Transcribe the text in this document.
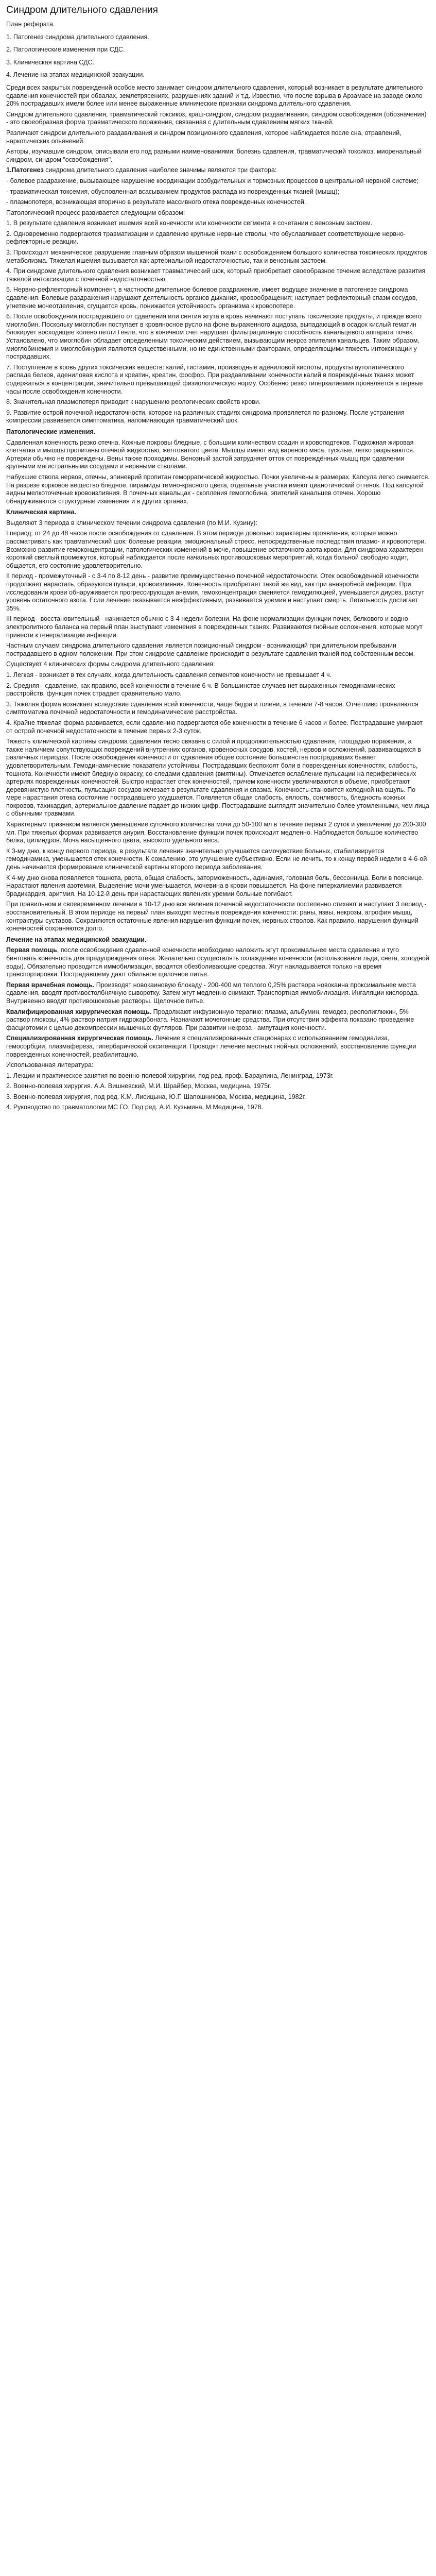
Синдром длительного сдавления

План реферата.

1. Патогенез синдрома длительного сдавления.

2. Патологические изменения при СДС.

3. Клиническая картина СДС.

4. Лечение на этапах медицинской эвакуации.

Среди всех закрытых повреждений особое место занимает синдром длительного сдавления, который возникает в результате длительного сдавления конечностей при обвалах, землетрясениях, разрушениях зданий и т.д. Известно, что после взрыва в Арзамасе на заводе около 20% пострадавших имели более или менее выраженные клинические признаки синдрома длительного сдавления.

Синдром длительного сдавления, травматический токсикоз, краш-синдром, синдром раздавливания, синдром освобождения (обозначения) - это своеобразная форма травматического поражения, связанная с длительным сдавлением мягких тканей.

Различают синдром длительного раздавливания и синдром позиционного сдавления, которое наблюдается после сна, отравлений, наркотических опьянений.

Авторы, изучавшие синдром, описывали его под разными наименованиями: болезнь сдавления, травматический токсикоз, миоренальный синдром, синдром "освобождения".

1.Патогенез синдрома длительного сдавления наиболее значимы являются три фактора:

- болевое раздражение, вызывающее нарушение координации возбудительных и тормозных процессов в центральной нервной системе;

- травматическая токсемия, обусловленная всасыванием продуктов распада из поврежденных тканей (мышц);

- плазмопотеря, возникающая вторично в результате массивного отека поврежденных конечностей.

Патологический процесс развивается следующим образом:

1. В результате сдавления возникает ишемия всей конечности или конечности сегмента в сочетании с венозным застоем.

2. Одновременно подвергаются травматизации и сдавлению крупные нервные стволы, что обуславливает соответствующие нервно-рефлекторные реакции.

3. Происходит механическое разрушение главным образом мышечной ткани с освобождением большого количества токсических продуктов метаболизма. Тяжелая ишемия вызывается как артериальной недостаточностью, так и венозным застоем.

4. При синдроме длительного сдавления возникает травматический шок, который приобретает своеобразное течение вследствие развития тяжелой интоксикации с почечной недостаточностью.

5. Нервно-рефлекторный компонент, в частности длительное болевое раздражение, имеет ведущее значение в патогенезе синдрома сдавления. Болевые раздражения нарушают деятельность органов дыхания, кровообращения; наступает рефлекторный спазм сосудов, угнетение мочеотделения, сгущается кровь, понижается устойчивость организма к кровопотере.

6. После освобождения пострадавшего от сдавления или снятия жгута в кровь начинают поступать токсические продукты, и прежде всего миоглобин. Поскольку миоглобин поступает в кровяносное русло на фоне выраженного ацидоза, выпадающий в осадок кислый гематин блокирует восходящее колено петли Генле, что в конечном счет нарушает фильтрационную способность канальцевого аппарата почек. Установлено, что миоглобин обладает определенным токсическим действием, вызывающим некроз эпителия канальцев. Таким образом, миоглобинемия и миоглобинурия являются существенными, но не единственными факторами, определяющими тяжесть интоксикации у пострадавших.

7. Поступление в кровь других токсических веществ: калий, гистамин, производные адениловой кислоты, продукты аутолитического распада белков, адениловая кислота и креатин, креатин, фосфор. При раздавливании конечности калий в повреждённых тканях может содержаться в концентрации, значительно превышающей физиологическую норму. Особенно резко гиперкалиемия проявляется в первые часы после освобождения конечности.

8. Значительная плазмопотеря приводит к нарушению реологических свойств крови.

9. Развитие острой почечной недостаточности, которое на различных стадиях синдрома проявляется по-разному. После устранения компрессии развивается симптоматика, напоминающая травматический шок.

Патологические изменения.

Сдавленная конечность резко отечна. Кожные покровы бледные, с большим количеством ссадин и кровоподтеков. Подкожная жировая клетчатка и мышцы пропитаны отечной жидкостью, желтоватого цвета. Мышцы имеют вид вареного мяса, тусклые, легко разрываются. Артерии обычно не повреждены. Вены также проходимы. Венозный застой затрудняет отток от повреждённых мышц при сдавлении крупными магистральными сосудами и нервными стволами.

Набухшие ствола нервов, отечны, эпиневрий пропитан геморрагической жидкостью. Почки увеличены в размерах. Капсула легко снимается. На разрезе корковое вещество бледное, пирамиды темно-красного цвета, отдельные участки имеют цианотический оттенок. Под капсулой видны мелкоточечные кровоизлияния. В почечных канальцах - скопления гемоглобина, эпителий канальцев отечен. Хорошо обнаруживаются структурные изменения и в других органах.

Клиническая картина.

Выделяют 3 периода в клиническом течении синдрома сдавления (по М.И. Кузину):

I период: от 24 до 48 часов после освобождения от сдавления. В этом периоде довольно характерны проявления, которые можно рассматривать как травматический шок: болевые реакции, эмоциональный стресс, непосредственные последствия плазмо- и кровопотери. Возможно развитие гемоконцентрации, патологических изменений в моче, повышение остаточного азота крови. Для синдрома характерен короткий светлый промежуток, который наблюдается после начальных противошоковых мероприятий, когда больной свободно ходит, общается, его состояние удовлетворительно.

II период - промежуточный - с 3-4 по 8-12 день - развитие преимущественно почечной недостаточности. Отек освобожденной конечности продолжает нарастать, образуются пузыри, кровоизлияния. Конечность приобретает такой же вид, как при анаэробной инфекции. При исследовании крови обнаруживается прогрессирующая анемия, гемоконцентрация сменяется гемодилюцией, уменьшается диурез, растут уровень остаточного азота. Если лечение оказывается неэффективным, развивается уремия и наступает смерть. Летальность достигает 35%.

III период - восстановительный - начинается обычно с 3-4 недели болезни. На фоне нормализации функции почек, белкового и водно-электролитного баланса на первый план выступают изменения в поврежденных тканях. Развиваются гнойные осложнения, которые могут привести к генерализации инфекции.

Частным случаем синдрома длительного сдавления является позиционный синдром - возникающий при длительном пребывании пострадавшего в одном положении. При этом синдроме сдавление происходит в результате сдавления тканей под собственным весом.

Существует 4 клинических формы синдрома длительного сдавления:

1. Легкая - возникает в тех случаях, когда длительность сдавления сегментов конечности не превышает 4 ч.

2. Средняя - сдавление, как правило, всей конечности в течение 6 ч. В большинстве случаев нет выраженных гемодинамических расстройств, функция почек страдает сравнительно мало.

3. Тяжелая форма возникает вследствие сдавления всей конечности, чаще бедра и голени, в течение 7-8 часов. Отчетливо проявляются симптоматика почечной недостаточности и гемодинамические расстройства.

4. Крайне тяжелая форма развивается, если сдавлению подвергаются обе конечности в течение 6 часов и более. Пострадавшие умирают от острой почечной недостаточности в течение первых 2-3 суток.

Тяжесть клинической картины синдрома сдавления тесно связана с силой и продолжительностью сдавления, площадью поражения, а также наличием сопутствующих повреждений внутренних органов, кровеносных сосудов, костей, нервов и осложнений, развивающихся в различных периодах. После освобождения конечности от сдавления общее состояние большинства пострадавших бывает удовлетворительным. Гемодинамические показатели устойчивы. Пострадавших беспокоят боли в поврежденных конечностях, слабость, тошнота. Конечности имеют бледную окраску, со следами сдавления (вмятины). Отмечается ослабление пульсации на периферических артериях поврежденных конечностей. Быстро нарастает отек конечностей, причем конечности увеличиваются в объеме, приобретают деревянистую плотность, пульсация сосудов исчезает в результате сдавления и спазма. Конечность становится холодной на ощупь. По мере нарастания отека состояние пострадавшего ухудшается. Появляется общая слабость, вялость, сонливость, бледность кожных покровов, тахикардия, артериальное давление падает до низких цифр. Пострадавшие выглядят значительно более утомленными, чем лица с обычными травмами.

Характерным признаком является уменьшение суточного количества мочи до 50-100 мл в течение первых 2 суток и увеличение до 200-300 мл. При тяжелых формах развивается анурия. Восстановление функции почек происходит медленно. Наблюдается большое количество белка, цилиндров. Моча насыщенного цвета, высокого удельного веса.

К 3-му дню, к концу первого периода, в результате лечения значительно улучшается самочувствие больных, стабилизируется гемодинамика, уменьшается отек конечности. К сожалению, это улучшение субъективно. Если не лечить, то к концу первой недели в 4-6-ой день начинается формирование клинической картины второго периода заболевания.

К 4-му дню снова появляется тошнота, рвота, общая слабость, заторможенность, адинамия, головная боль, бессонница. Боли в пояснице. Нарастают явления азотемии. Выделение мочи уменьшается, мочевина в крови повышается. На фоне гиперкалиемии развивается брадикардия, аритмия. На 10-12-й день при нарастающих явлениях уремии больные погибают.

При правильном и своевременном лечении в 10-12 дню все явления почечной недостаточности постепенно стихают и наступает 3 период - восстановительный. В этом периоде на первый план выходят местные повреждения конечности: раны, язвы, некрозы, атрофия мышц, контрактуры суставов. Сохраняются остаточные явления нарушения функции почек, нервных стволов. Как правило, нарушения функций конечностей сохраняются долго.

Лечение на этапах медицинской эвакуации.

Первая помощь, после освобождения сдавленной конечности необходимо наложить жгут проксимальнее места сдавления и туго бинтовать конечность для предупреждения отека. Желательно осуществлять охлаждение конечности (использование льда, снега, холодной воды). Обязательно проводится иммобилизация, вводятся обезболивающие средства. Жгут накладывается только на время транспортировки. Пострадавшему дают обильное щелочное питье.

Первая врачебная помощь. Производят новокаиновую блокаду - 200-400 мл теплого 0,25% раствора новокаина проксимальнее места сдавления, вводят противостолбнячную сыворотку. Затем жгут медленно снимают. Транспортная иммобилизация. Ингаляции кислорода. Внутривенно вводят противошоковые растворы. Щелочное питье.

Квалифицированная хирургическая помощь. Продолжают инфузионную терапию: плазма, альбумин, гемодез, реополиглюкин, 5% раствор глюкозы, 4% раствор натрия гидрокарбоната. Назначают мочегонные средства. При отсутствии эффекта показано проведение фасциотомии с целью декомпрессии мышечных футляров. При развитии некроза - ампутация конечности.

Специализированная хирургическая помощь. Лечение в специализированных стационарах с использованием гемодиализа, гемосорбции, плазмафереза, гипербарической оксигенации. Проводят лечение местных гнойных осложнений, восстановление функции поврежденных конечностей, реабилитацию.

Использованная литература:

1. Лекции и практическое занятия по военно-полевой хирургии, под ред. проф. Бараулина, Ленинград, 1973г.

2. Военно-полевая хирургия. А.А. Вишневский, М.И. Шрайбер, Москва, медицина, 1975г.

3. Военно-полевая хирургия, под ред. К.М. Лисицына, Ю.Г. Шапошникова, Москва, медицина, 1982г.

4. Руководство по травматологии МС ГО. Под ред. А.И. Кузьмина, М.Медицина, 1978.
